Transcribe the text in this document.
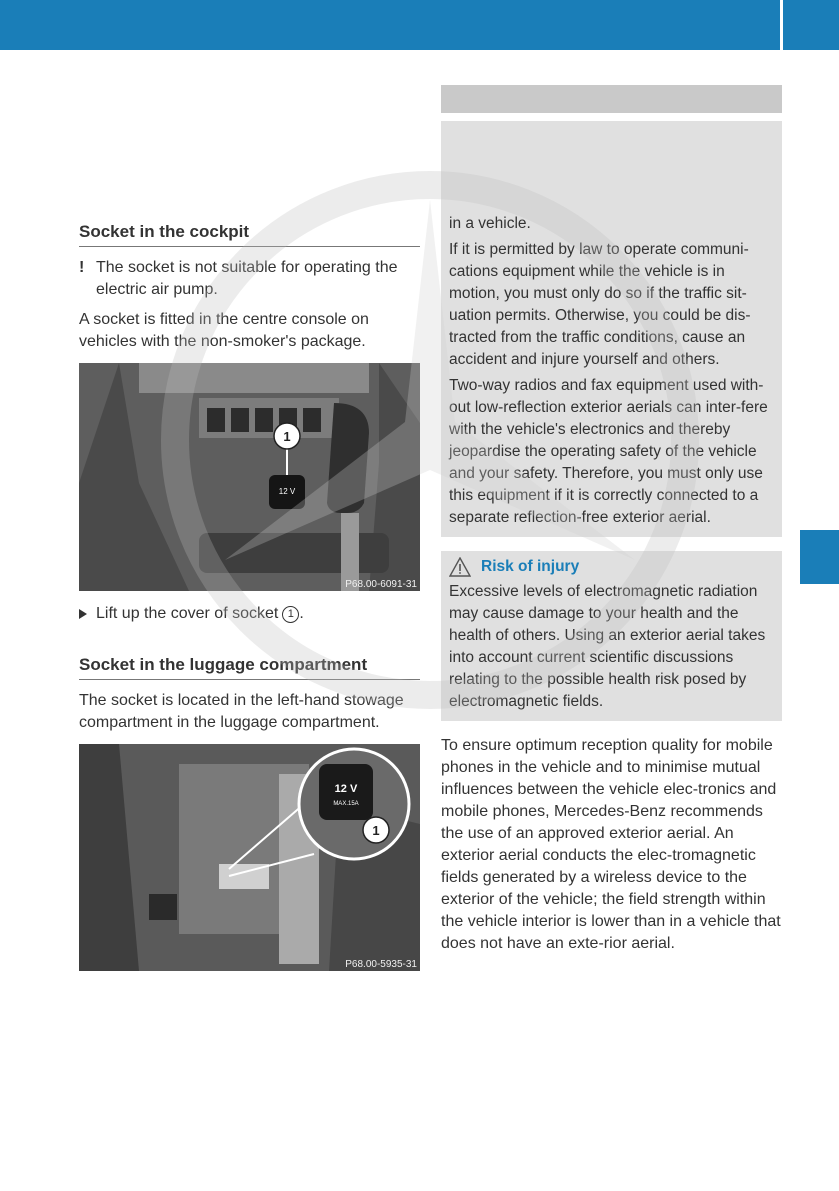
Socket in the cockpit
! The socket is not suitable for operating the electric air pump.

A socket is fitted in the centre console on vehicles with the non-smoker's package.

12 V
1
P68.00-6091-31
Lift up the cover of socket 1 .
Socket in the luggage compartment

The socket is located in the left-hand stowage compartment in the luggage compartment.

12 V
MAX.15A
1
P68.00-5935-31

in a vehicle.

If it is permitted by law to operate communi-cations equipment while the vehicle is in motion, you must only do so if the traffic sit-uation permits. Otherwise, you could be dis-tracted from the traffic conditions, cause an accident and injure yourself and others.

Two-way radios and fax equipment used with-out low-reflection exterior aerials can inter-fere with the vehicle's electronics and thereby jeopardise the operating safety of the vehicle and your safety. Therefore, you must only use this equipment if it is correctly connected to a separate reflection-free exterior aerial.

Risk of injury

Excessive levels of electromagnetic radiation may cause damage to your health and the health of others. Using an exterior aerial takes into account current scientific discussions relating to the possible health risk posed by electromagnetic fields.

To ensure optimum reception quality for mobile phones in the vehicle and to minimise mutual influences between the vehicle elec-tronics and mobile phones, Mercedes-Benz recommends the use of an approved exterior aerial. An exterior aerial conducts the elec-tromagnetic fields generated by a wireless device to the exterior of the vehicle; the field strength within the vehicle interior is lower than in a vehicle that does not have an exte-rior aerial.
